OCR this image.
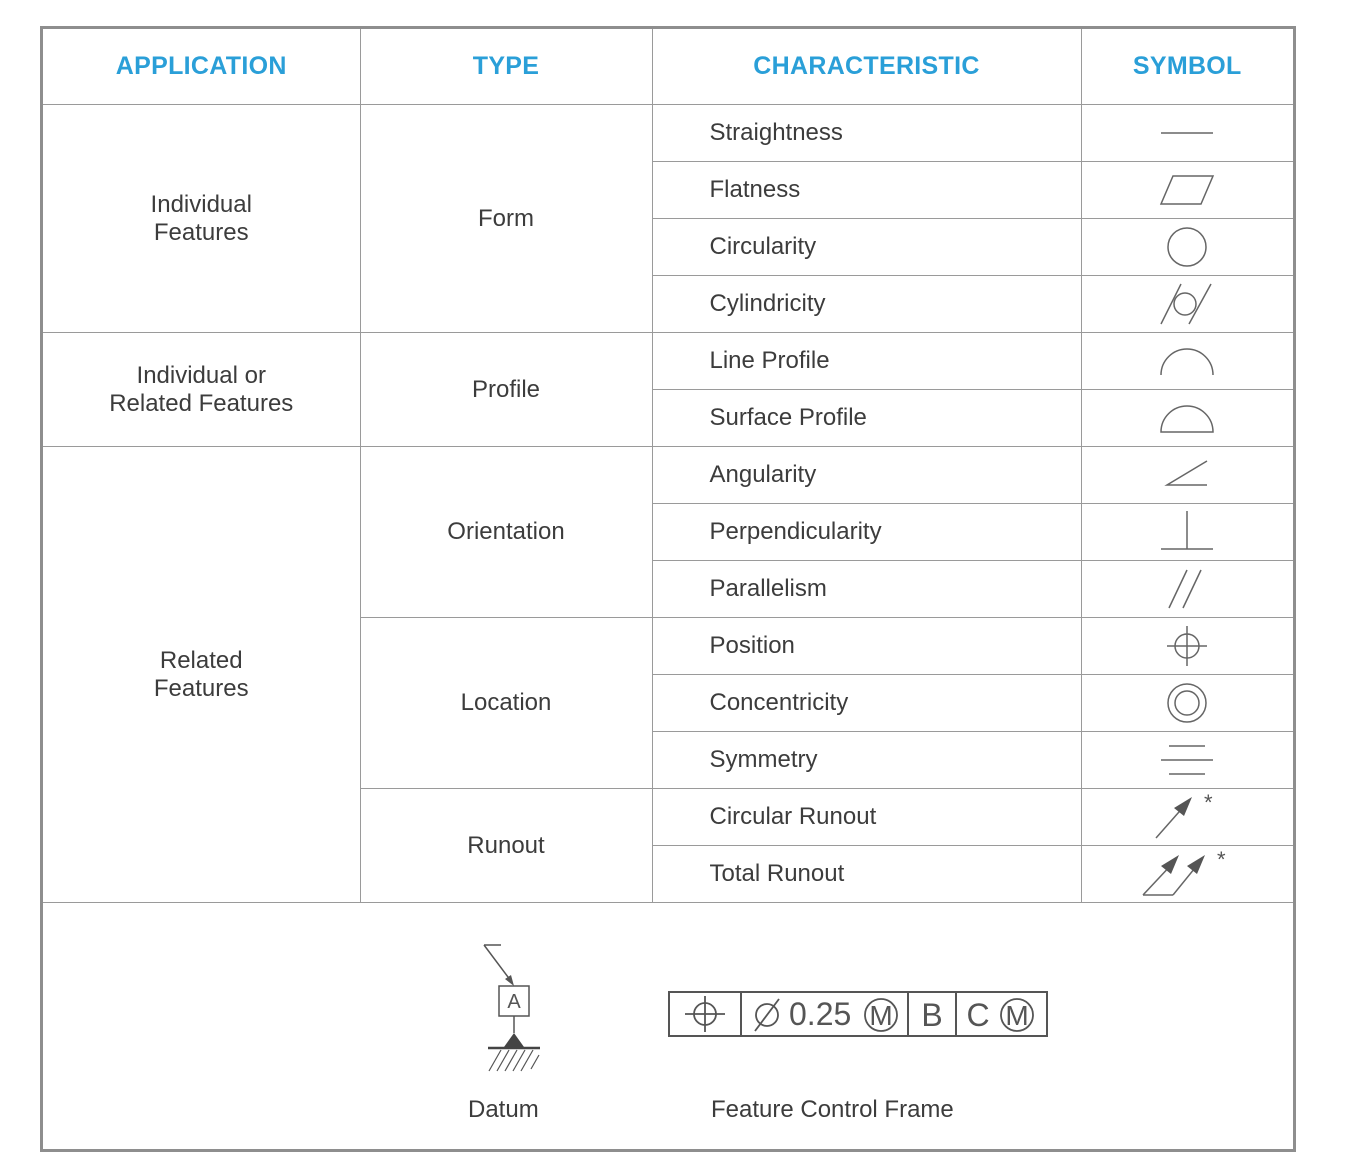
APPLICATION	TYPE	CHARACTERISTIC	SYMBOL
Individual
Features	Form	Straightness	

		Flatness	

		Circularity	

		Cylindricity	

Individual or
Related Features	Profile	Line Profile	

		Surface Profile	

Related
Features	Orientation	Angularity	

		Perpendicularity	

		Parallelism	

	Location	Position	

		Concentricity	

		Symmetry	

	Runout	Circular Runout	*

		Total Runout	*
A
Datum
0.25 M B C M
Feature Control Frame
